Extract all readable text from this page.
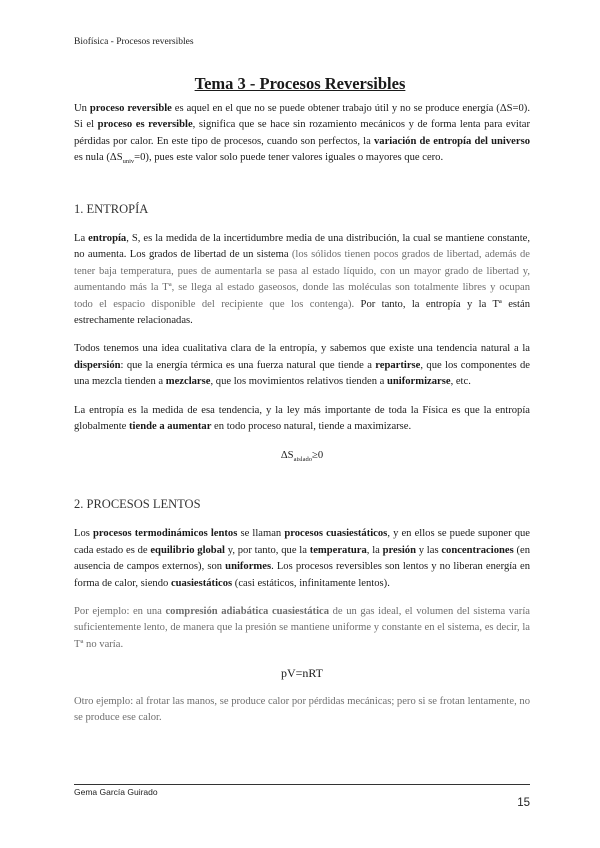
Biofísica - Procesos reversibles
Tema 3 - Procesos Reversibles

Un proceso reversible es aquel en el que no se puede obtener trabajo útil y no se produce energía (ΔS=0). Si el proceso es reversible, significa que se hace sin rozamiento mecánicos y de forma lenta para evitar pérdidas por calor. En este tipo de procesos, cuando son perfectos, la variación de entropía del universo es nula $(\Delta S_{univ}=0)$, pues este valor solo puede tener valores iguales o mayores que cero.

1. ENTROPÍA

La entropía, S, es la medida de la incertidumbre media de una distribución, la cual se mantiene constante, no aumenta. Los grados de libertad de un sistema (los sólidos tienen pocos grados de libertad, además de tener baja temperatura, pues de aumentarla se pasa al estado líquido, con un mayor grado de libertad y, aumentando más la Tª, se llega al estado gaseosos, donde las moléculas son totalmente libres y ocupan todo el espacio disponible del recipiente que los contenga). Por tanto, la entropía y la Tª están estrechamente relacionadas.

Todos tenemos una idea cualitativa clara de la entropía, y sabemos que existe una tendencia natural a la dispersión: que la energía térmica es una fuerza natural que tiende a repartirse, que los componentes de una mezcla tienden a mezclarse, que los movimientos relativos tienden a uniformizarse, etc.

La entropía es la medida de esa tendencia, y la ley más importante de toda la Física es que la entropía globalmente tiende a aumentar en todo proceso natural, tiende a maximizarse.

$\Delta S_{aislado}\ge 0$
2. PROCESOS LENTOS

Los procesos termodinámicos lentos se llaman procesos cuasiestáticos, y en ellos se puede suponer que cada estado es de equilibrio global y, por tanto, que la temperatura, la presión y las concentraciones (en ausencia de campos externos), son uniformes. Los procesos reversibles son lentos y no liberan energía en forma de calor, siendo cuasiestáticos (casi estáticos, infinitamente lentos).

Por ejemplo: en una compresión adiabática cuasiestática de un gas ideal, el volumen del sistema varía suficientemente lento, de manera que la presión se mantiene uniforme y constante en el sistema, es decir, la Tª no varía.

pV=nRT

Otro ejemplo: al frotar las manos, se produce calor por pérdidas mecánicas; pero si se frotan lentamente, no se produce ese calor.

Gema García Guirado
15
